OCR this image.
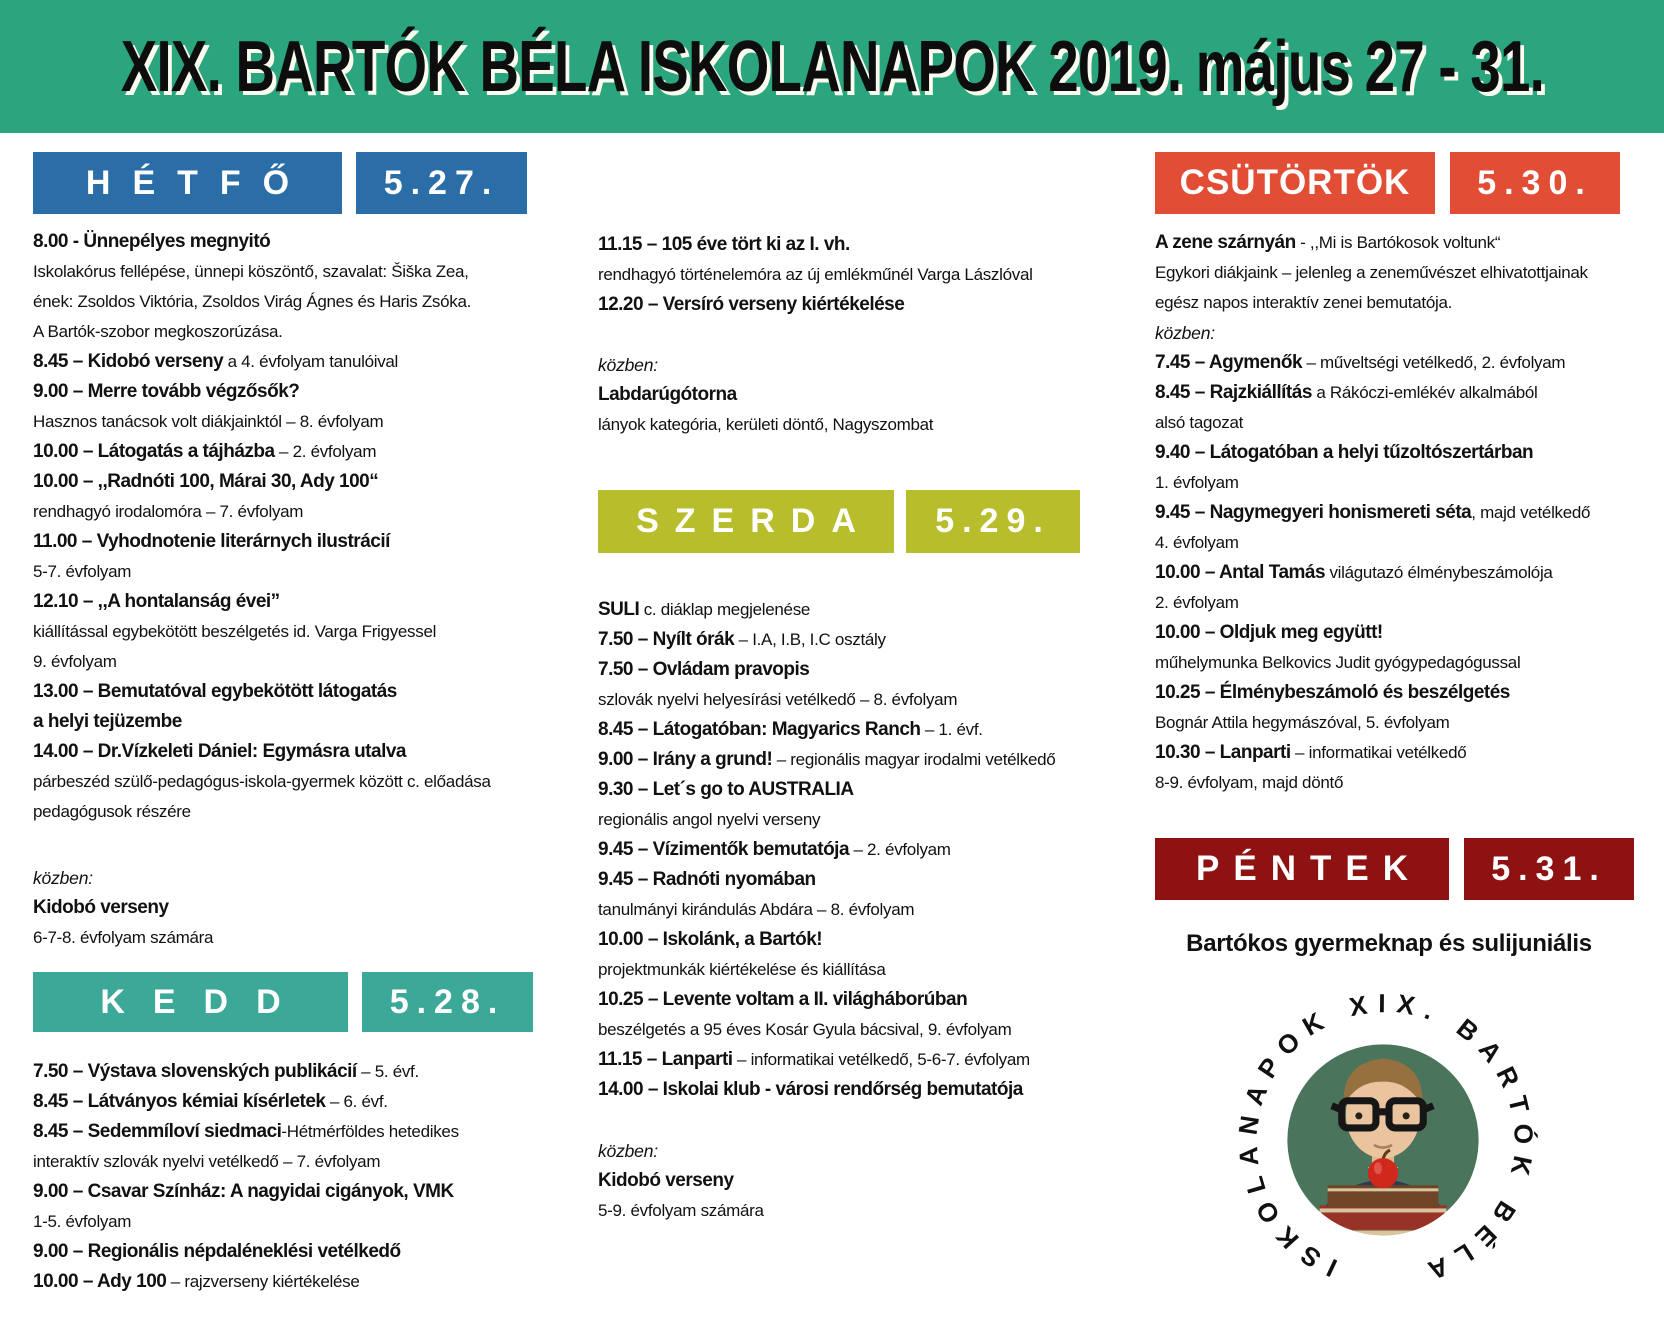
XIX. BARTÓK BÉLA ISKOLANAPOK 2019. május 27 - 31.
HÉTFŐ	5.27.
8.00 - Ünnepélyes megnyitó
Iskolakórus fellépése, ünnepi köszöntő, szavalat: Šiška Zea,
ének: Zsoldos Viktória, Zsoldos Virág Ágnes és Haris Zsóka.
A Bartók-szobor megkoszorúzása.
8.45 – Kidobó verseny a 4. évfolyam tanulóival
9.00 – Merre tovább végzősők?
Hasznos tanácsok volt diákjainktól – 8. évfolyam
10.00 – Látogatás a tájházba – 2. évfolyam
10.00 – ,,Radnóti 100, Márai 30, Ady 100“
rendhagyó irodalomóra – 7. évfolyam
11.00 – Vyhodnotenie literárnych ilustrácií
5-7. évfolyam
12.10 – ,,A hontalanság évei”
kiállítással egybekötött beszélgetés id. Varga Frigyessel
9. évfolyam
13.00 – Bemutatóval egybekötött látogatás
a helyi tejüzembe
14.00 – Dr.Vízkeleti Dániel: Egymásra utalva
párbeszéd szülő-pedagógus-iskola-gyermek között c. előadása
pedagógusok részére
közben:
Kidobó verseny
6-7-8. évfolyam számára
KEDD	5.28.
7.50 – Výstava slovenských publikácií – 5. évf.
8.45 – Látványos kémiai kísérletek – 6. évf.
8.45 – Sedemmíloví siedmaci-Hétmérföldes hetedikes
interaktív szlovák nyelvi vetélkedő – 7. évfolyam
9.00 – Csavar Színház: A nagyidai cigányok, VMK
1-5. évfolyam
9.00 – Regionális népdaléneklési vetélkedő
10.00 – Ady 100 – rajzverseny kiértékelése
11.15 – 105 éve tört ki az I. vh.
rendhagyó történelemóra az új emlékműnél Varga Lászlóval
12.20 – Versíró verseny kiértékelése
közben:
Labdarúgótorna
lányok kategória, kerületi döntő, Nagyszombat
SZERDA	5.29.
SULI c. diáklap megjelenése
7.50 – Nyílt órák – I.A, I.B, I.C osztály
7.50 – Ovládam pravopis
szlovák nyelvi helyesírási vetélkedő – 8. évfolyam
8.45 – Látogatóban: Magyarics Ranch – 1. évf.
9.00 – Irány a grund! – regionális magyar irodalmi vetélkedő
9.30 – Let´s go to AUSTRALIA
regionális angol nyelvi verseny
9.45 – Vízimentők bemutatója – 2. évfolyam
9.45 – Radnóti nyomában
tanulmányi kirándulás Abdára – 8. évfolyam
10.00 – Iskolánk, a Bartók!
projektmunkák kiértékelése és kiállítása
10.25 – Levente voltam a II. világháborúban
beszélgetés a 95 éves Kosár Gyula bácsival, 9. évfolyam
11.15 – Lanparti – informatikai vetélkedő, 5-6-7. évfolyam
14.00 – Iskolai klub - városi rendőrség bemutatója
közben:
Kidobó verseny
5-9. évfolyam számára
CSÜTÖRTÖK	5.30.
A zene szárnyán - ,,Mi is Bartókosok voltunk“
Egykori diákjaink – jelenleg a zeneművészet elhivatottjainak
egész napos interaktív zenei bemutatója.
közben:
7.45 – Agymenők – műveltségi vetélkedő, 2. évfolyam
8.45 – Rajzkiállítás a Rákóczi-emlékév alkalmából
alsó tagozat
9.40 – Látogatóban a helyi tűzoltószertárban
1. évfolyam
9.45 – Nagymegyeri honismereti séta, majd vetélkedő
4. évfolyam
10.00 – Antal Tamás világutazó élménybeszámolója
2. évfolyam
10.00 – Oldjuk meg együtt!
műhelymunka Belkovics Judit gyógypedagógussal
10.25 – Élménybeszámoló és beszélgetés
Bognár Attila hegymászóval, 5. évfolyam
10.30 – Lanparti – informatikai vetélkedő
8-9. évfolyam, majd döntő
PÉNTEK	5.31.
Bartókos gyermeknap és sulijuniális
ISKOLANAPOK XIX. BARTÓK BÉLA
